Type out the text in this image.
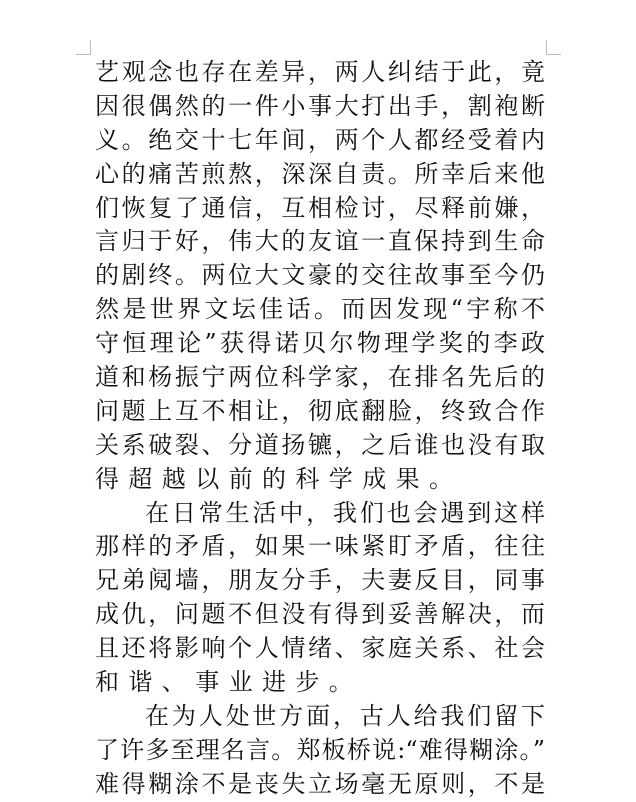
艺观念也存在差异，两人纠结于此，竟
因很偶然的一件小事大打出手，割袍断
义。绝交十七年间，两个人都经受着内
心的痛苦煎熬，深深自责。所幸后来他
们恢复了通信，互相检讨，尽释前嫌，
言归于好，伟大的友谊一直保持到生命
的剧终。两位大文豪的交往故事至今仍
然是世界文坛佳话。而因发现“宇称不
守恒理论”获得诺贝尔物理学奖的李政
道和杨振宁两位科学家，在排名先后的
问题上互不相让，彻底翻脸，终致合作
关系破裂、分道扬镳，之后谁也没有取
得超越以前的科学成果。
在日常生活中，我们也会遇到这样
那样的矛盾，如果一味紧盯矛盾，往往
兄弟阋墙，朋友分手，夫妻反目，同事
成仇，问题不但没有得到妥善解决，而
且还将影响个人情绪、家庭关系、社会
和谐、事业进步。
在为人处世方面，古人给我们留下
了许多至理名言。郑板桥说:“难得糊涂。”
难得糊涂不是丧失立场毫无原则，不是
